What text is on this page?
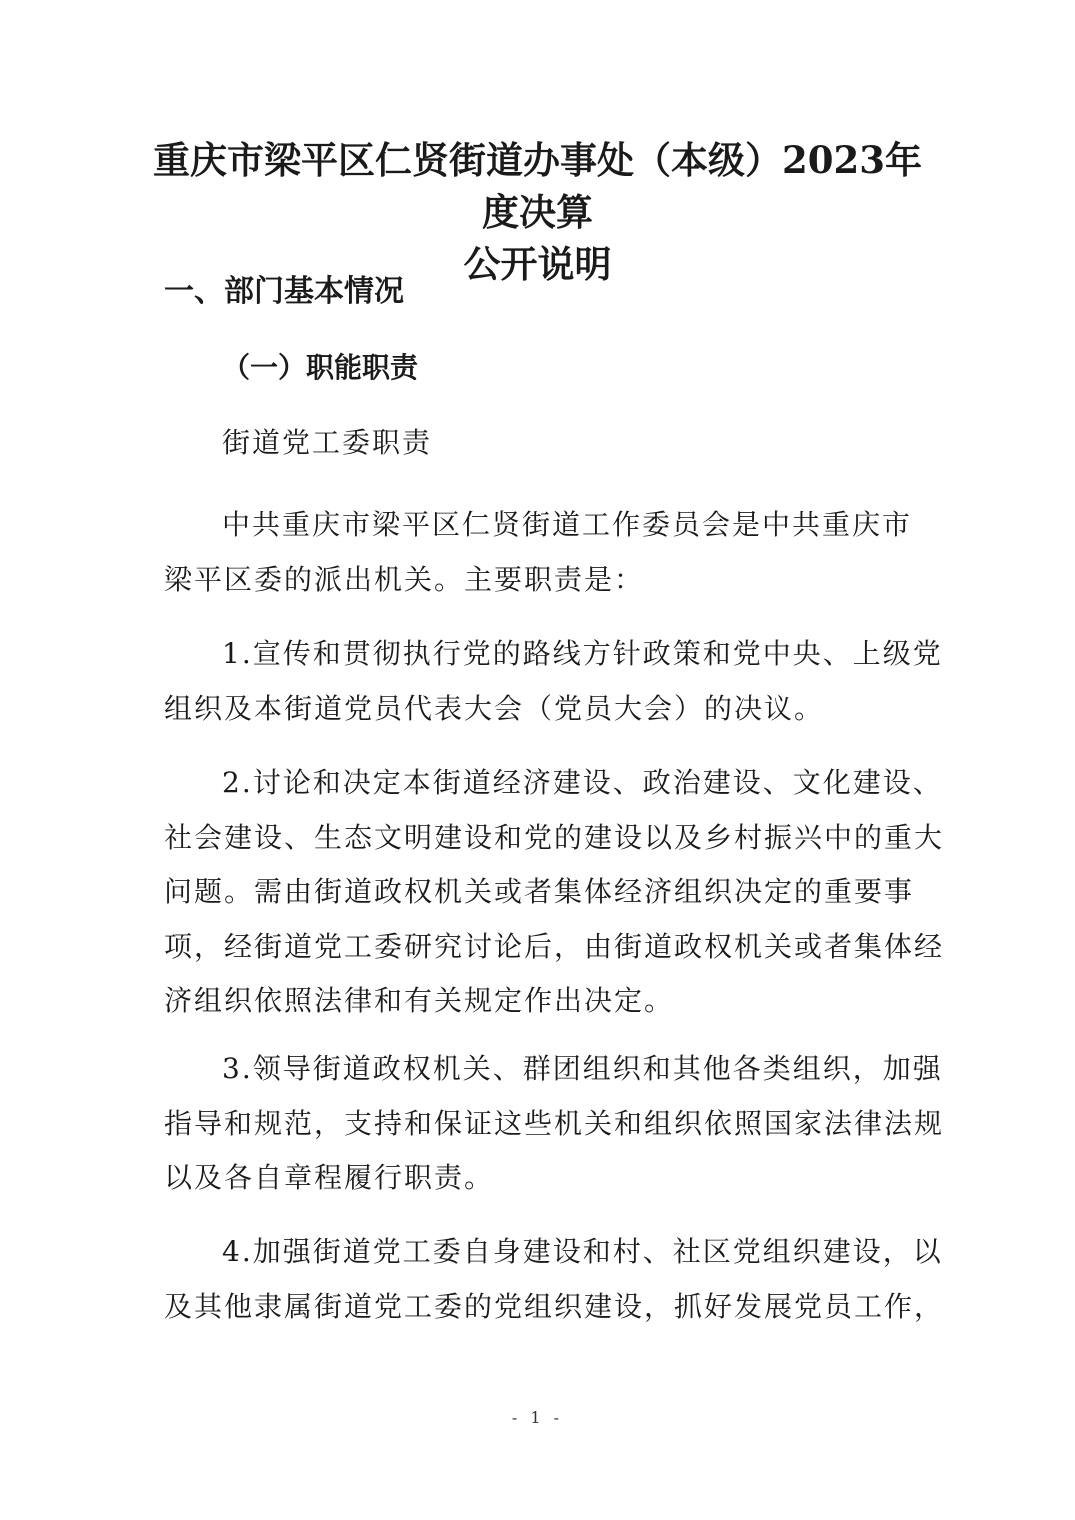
重庆市梁平区仁贤街道办事处（本级）2023年度决算
公开说明
一、部门基本情况
（一）职能职责
街道党工委职责
中共重庆市梁平区仁贤街道工作委员会是中共重庆市
梁平区委的派出机关。主要职责是：
1.宣传和贯彻执行党的路线方针政策和党中央、上级党
组织及本街道党员代表大会（党员大会）的决议。
2.讨论和决定本街道经济建设、政治建设、文化建设、
社会建设、生态文明建设和党的建设以及乡村振兴中的重大
问题。需由街道政权机关或者集体经济组织决定的重要事
项，经街道党工委研究讨论后，由街道政权机关或者集体经
济组织依照法律和有关规定作出决定。
3.领导街道政权机关、群团组织和其他各类组织，加强
指导和规范，支持和保证这些机关和组织依照国家法律法规
以及各自章程履行职责。
4.加强街道党工委自身建设和村、社区党组织建设，以
及其他隶属街道党工委的党组织建设，抓好发展党员工作，
- 1 -
